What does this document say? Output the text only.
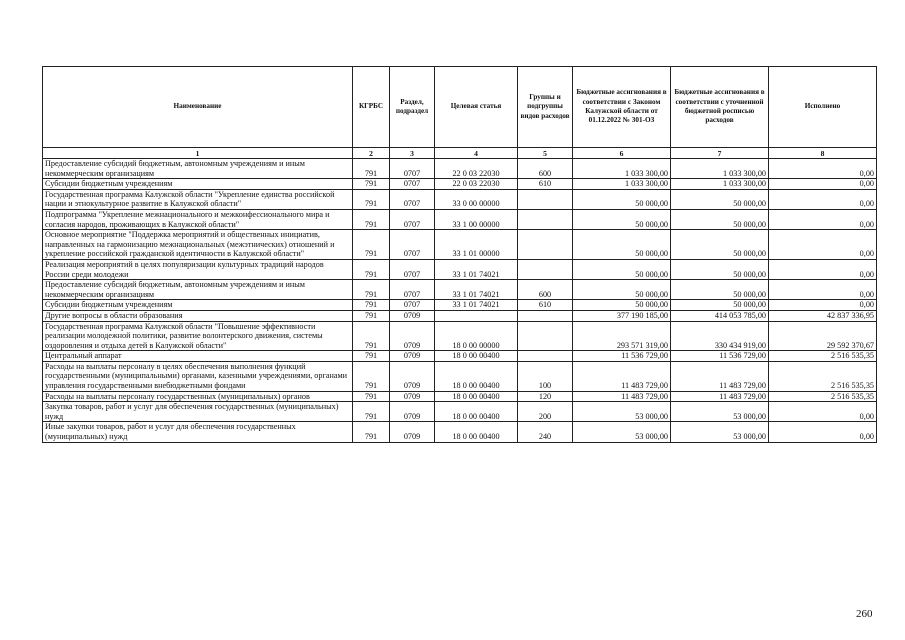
Наименование	КГРБС	Раздел, подраздел	Целевая статья	Группы и подгруппы видов расходов	Бюджетные ассигнования в соответствии с Законом Калужской области от 01.12.2022 № 301-ОЗ	Бюджетные ассигнования в соответствии с уточненной бюджетной росписью расходов	Исполнено
1	2	3	4	5	6	7	8
Предоставление субсидий бюджетным, автономным учреждениям и иным некоммерческим организациям	791	0707	22 0 03 22030	600	1 033 300,00	1 033 300,00	0,00
Субсидии бюджетным учреждениям	791	0707	22 0 03 22030	610	1 033 300,00	1 033 300,00	0,00
Государственная программа Калужской области "Укрепление единства российской нации и этнокультурное развитие в Калужской области"	791	0707	33 0 00 00000		50 000,00	50 000,00	0,00
Подпрограмма "Укрепление межнационального и межконфессионального мира и согласия народов, проживающих в Калужской области"	791	0707	33 1 00 00000		50 000,00	50 000,00	0,00
Основное мероприятие "Поддержка мероприятий и общественных инициатив, направленных на гармонизацию межнациональных (межэтнических) отношений и укрепление российской гражданской идентичности в Калужской области"	791	0707	33 1 01 00000		50 000,00	50 000,00	0,00
Реализация мероприятий в целях популяризации культурных традиций народов России среди молодежи	791	0707	33 1 01 74021		50 000,00	50 000,00	0,00
Предоставление субсидий бюджетным, автономным учреждениям и иным некоммерческим организациям	791	0707	33 1 01 74021	600	50 000,00	50 000,00	0,00
Субсидии бюджетным учреждениям	791	0707	33 1 01 74021	610	50 000,00	50 000,00	0,00
Другие вопросы в области образования	791	0709			377 190 185,00	414 053 785,00	42 837 336,95
Государственная программа Калужской области "Повышение эффективности реализации молодежной политики, развитие волонтерского движения, системы оздоровления и отдыха детей в Калужской области"	791	0709	18 0 00 00000		293 571 319,00	330 434 919,00	29 592 370,67
Центральный аппарат	791	0709	18 0 00 00400		11 536 729,00	11 536 729,00	2 516 535,35
Расходы на выплаты персоналу в целях обеспечения выполнения функций государственными (муниципальными) органами, казенными учреждениями, органами управления государственными внебюджетными фондами	791	0709	18 0 00 00400	100	11 483 729,00	11 483 729,00	2 516 535,35
Расходы на выплаты персоналу государственных (муниципальных) органов	791	0709	18 0 00 00400	120	11 483 729,00	11 483 729,00	2 516 535,35
Закупка товаров, работ и услуг для обеспечения государственных (муниципальных) нужд	791	0709	18 0 00 00400	200	53 000,00	53 000,00	0,00
Иные закупки товаров, работ и услуг для обеспечения государственных (муниципальных) нужд	791	0709	18 0 00 00400	240	53 000,00	53 000,00	0,00
260
